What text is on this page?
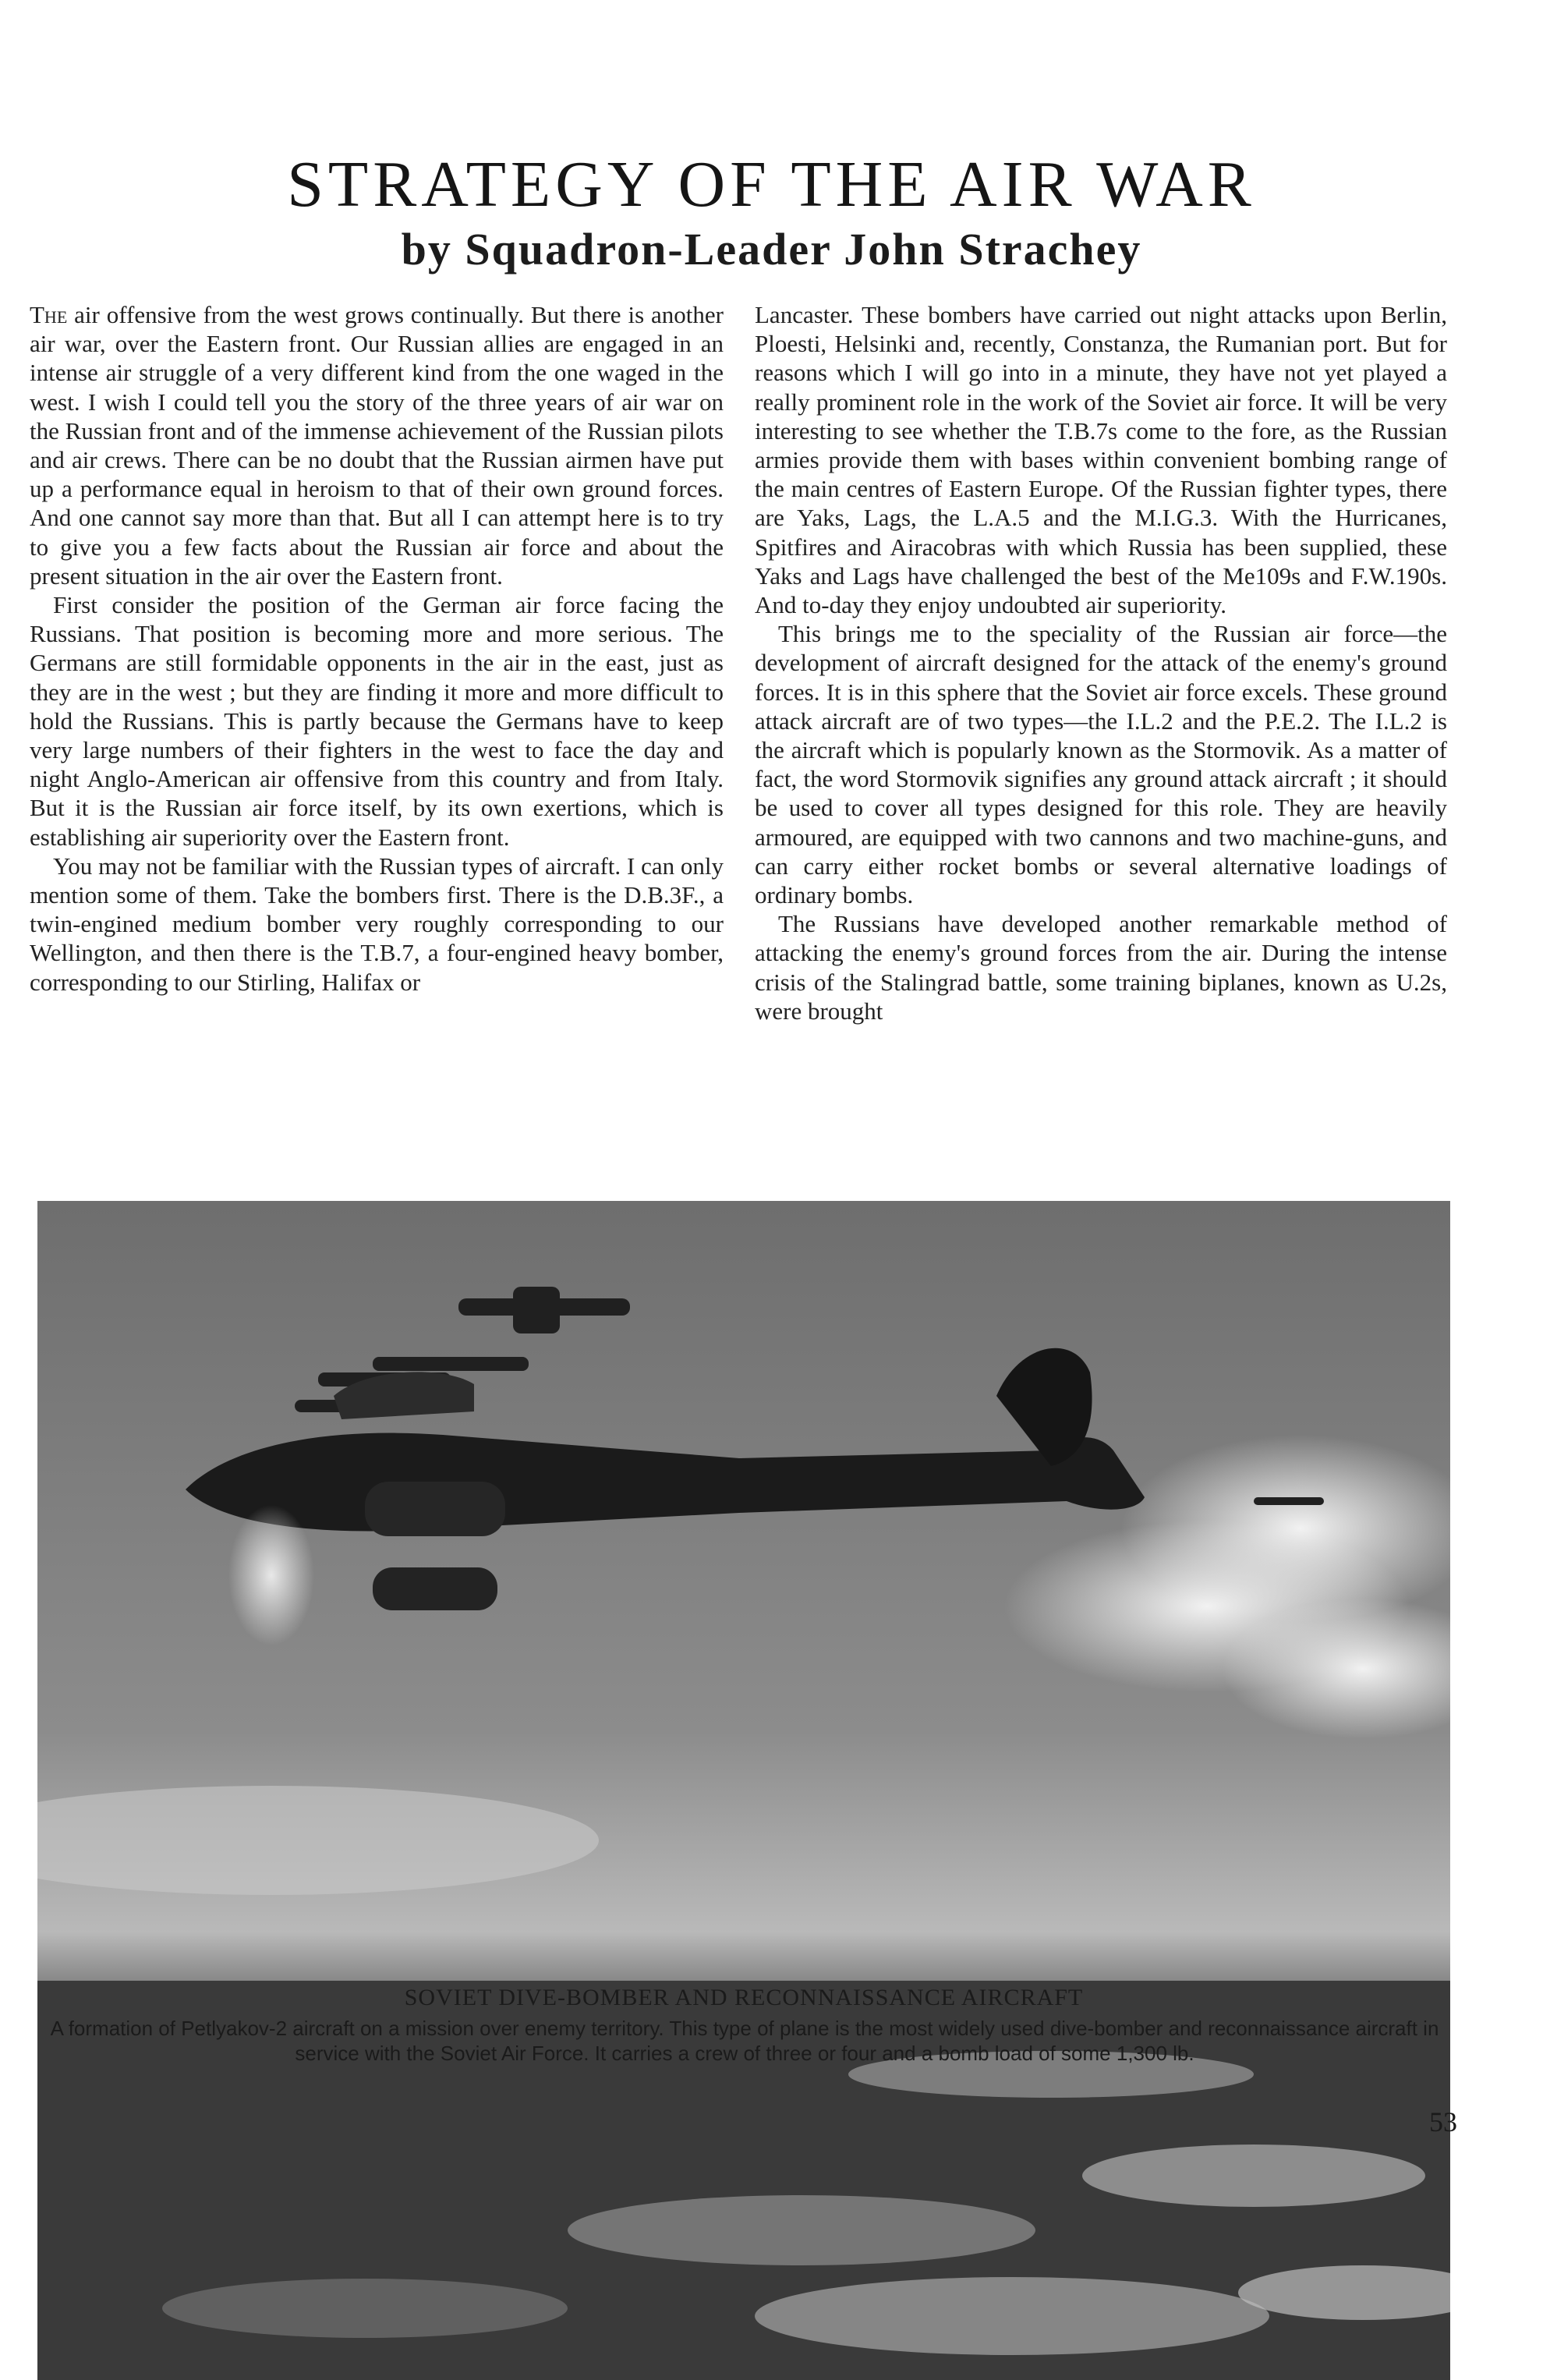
STRATEGY OF THE AIR WAR
by Squadron-Leader John Strachey

The air offensive from the west grows continually. But there is another air war, over the Eastern front. Our Russian allies are engaged in an intense air struggle of a very different kind from the one waged in the west. I wish I could tell you the story of the three years of air war on the Russian front and of the immense achievement of the Russian pilots and air crews. There can be no doubt that the Russian airmen have put up a performance equal in heroism to that of their own ground forces. And one cannot say more than that. But all I can attempt here is to try to give you a few facts about the Russian air force and about the present situation in the air over the Eastern front.

First consider the position of the German air force facing the Russians. That position is becoming more and more serious. The Germans are still formidable opponents in the air in the east, just as they are in the west ; but they are finding it more and more difficult to hold the Russians. This is partly because the Germans have to keep very large numbers of their fighters in the west to face the day and night Anglo-American air offensive from this country and from Italy. But it is the Russian air force itself, by its own exertions, which is establishing air superiority over the Eastern front.

You may not be familiar with the Russian types of aircraft. I can only mention some of them. Take the bombers first. There is the D.B.3F., a twin-engined medium bomber very roughly corresponding to our Wellington, and then there is the T.B.7, a four-engined heavy bomber, corresponding to our Stirling, Halifax or

Lancaster. These bombers have carried out night attacks upon Berlin, Ploesti, Helsinki and, recently, Constanza, the Rumanian port. But for reasons which I will go into in a minute, they have not yet played a really prominent role in the work of the Soviet air force. It will be very interesting to see whether the T.B.7s come to the fore, as the Russian armies provide them with bases within convenient bombing range of the main centres of Eastern Europe. Of the Russian fighter types, there are Yaks, Lags, the L.A.5 and the M.I.G.3. With the Hurricanes, Spitfires and Airacobras with which Russia has been supplied, these Yaks and Lags have challenged the best of the Me109s and F.W.190s. And to-day they enjoy undoubted air superiority.

This brings me to the speciality of the Russian air force—the development of aircraft designed for the attack of the enemy's ground forces. It is in this sphere that the Soviet air force excels. These ground attack aircraft are of two types—the I.L.2 and the P.E.2. The I.L.2 is the aircraft which is popularly known as the Stormovik. As a matter of fact, the word Stormovik signifies any ground attack aircraft ; it should be used to cover all types designed for this role. They are heavily armoured, are equipped with two cannons and two machine-guns, and can carry either rocket bombs or several alternative loadings of ordinary bombs.

The Russians have developed another remarkable method of attacking the enemy's ground forces from the air. During the intense crisis of the Stalingrad battle, some training biplanes, known as U.2s, were brought

SOVIET DIVE-BOMBER AND RECONNAISSANCE AIRCRAFT
A formation of Petlyakov-2 aircraft on a mission over enemy territory. This type of plane is the most widely used dive-bomber and reconnaissance aircraft in service with the Soviet Air Force. It carries a crew of three or four and a bomb load of some 1,300 lb.
53
